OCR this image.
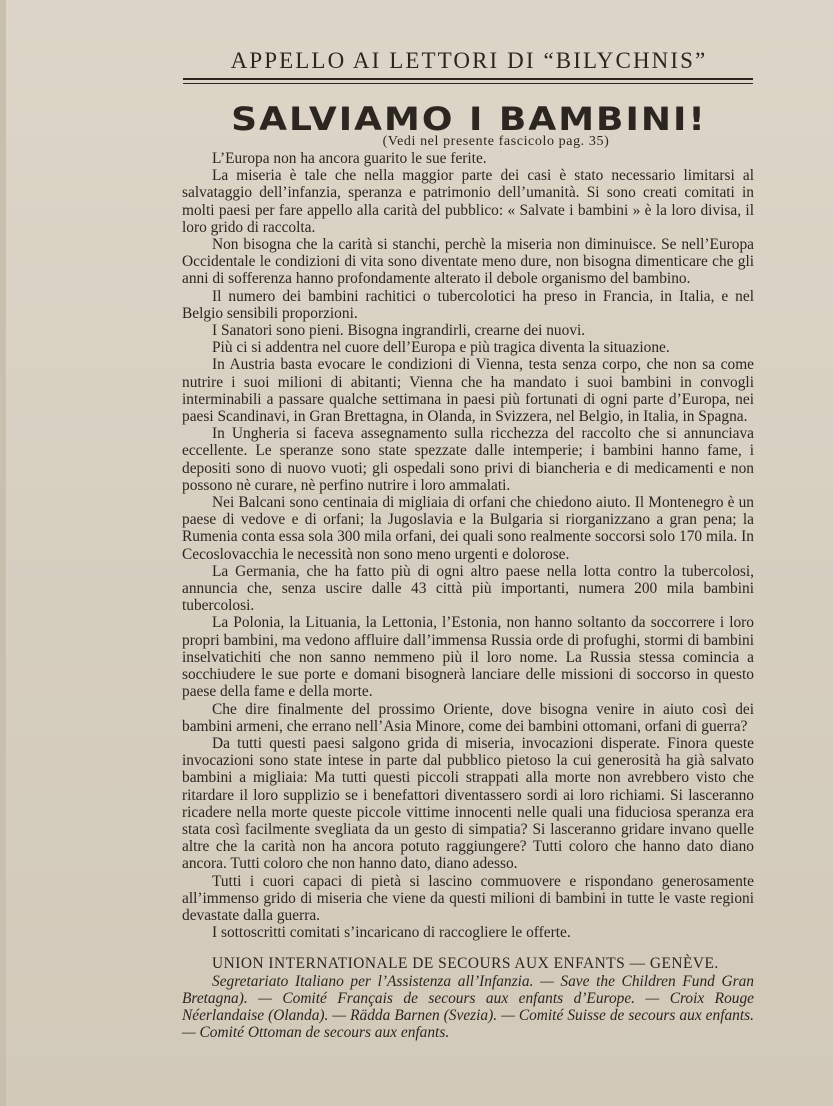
APPELLO AI LETTORI DI “BILYCHNIS”
SALVIAMO I BAMBINI!
(Vedi nel presente fascicolo pag. 35)

L’Europa non ha ancora guarito le sue ferite.

La miseria è tale che nella maggior parte dei casi è stato necessario limitarsi al salvataggio dell’infanzia, speranza e patrimonio dell’umanità. Si sono creati comitati in molti paesi per fare appello alla carità del pubblico: « Salvate i bambini » è la loro divisa, il loro grido di raccolta.

Non bisogna che la carità si stanchi, perchè la miseria non diminuisce. Se nell’Europa Occidentale le condizioni di vita sono diventate meno dure, non bisogna dimenticare che gli anni di sofferenza hanno profondamente alterato il debole organismo del bambino.

Il numero dei bambini rachitici o tubercolotici ha preso in Francia, in Italia, e nel Belgio sensibili proporzioni.

I Sanatori sono pieni. Bisogna ingrandirli, crearne dei nuovi.

Più ci si addentra nel cuore dell’Europa e più tragica diventa la situazione.

In Austria basta evocare le condizioni di Vienna, testa senza corpo, che non sa come nutrire i suoi milioni di abitanti; Vienna che ha mandato i suoi bambini in convogli interminabili a passare qualche settimana in paesi più fortunati di ogni parte d’Europa, nei paesi Scandinavi, in Gran Brettagna, in Olanda, in Svizzera, nel Belgio, in Italia, in Spagna.

In Ungheria si faceva assegnamento sulla ricchezza del raccolto che si annunciava eccellente. Le speranze sono state spezzate dalle intemperie; i bambini hanno fame, i depositi sono di nuovo vuoti; gli ospedali sono privi di biancheria e di medicamenti e non possono nè curare, nè perfino nutrire i loro ammalati.

Nei Balcani sono centinaia di migliaia di orfani che chiedono aiuto. Il Montenegro è un paese di vedove e di orfani; la Jugoslavia e la Bulgaria si riorganizzano a gran pena; la Rumenia conta essa sola 300 mila orfani, dei quali sono realmente soccorsi solo 170 mila. In Cecoslovacchia le necessità non sono meno urgenti e dolorose.

La Germania, che ha fatto più di ogni altro paese nella lotta contro la tubercolosi, annuncia che, senza uscire dalle 43 città più importanti, numera 200 mila bambini tubercolosi.

La Polonia, la Lituania, la Lettonia, l’Estonia, non hanno soltanto da soccorrere i loro propri bambini, ma vedono affluire dall’immensa Russia orde di profughi, stormi di bambini inselvatichiti che non sanno nemmeno più il loro nome. La Russia stessa comincia a socchiudere le sue porte e domani bisognerà lanciare delle missioni di soccorso in questo paese della fame e della morte.

Che dire finalmente del prossimo Oriente, dove bisogna venire in aiuto così dei bambini armeni, che errano nell’Asia Minore, come dei bambini ottomani, orfani di guerra?

Da tutti questi paesi salgono grida di miseria, invocazioni disperate. Finora queste invocazioni sono state intese in parte dal pubblico pietoso la cui generosità ha già salvato bambini a migliaia: Ma tutti questi piccoli strappati alla morte non avrebbero visto che ritardare il loro supplizio se i benefattori diventassero sordi ai loro richiami. Si lasceranno ricadere nella morte queste piccole vittime innocenti nelle quali una fiduciosa speranza era stata così facilmente svegliata da un gesto di simpatia? Si lasceranno gridare invano quelle altre che la carità non ha ancora potuto raggiungere? Tutti coloro che hanno dato diano ancora. Tutti coloro che non hanno dato, diano adesso.

Tutti i cuori capaci di pietà si lascino commuovere e rispondano generosamente all’immenso grido di miseria che viene da questi milioni di bambini in tutte le vaste regioni devastate dalla guerra.

I sottoscritti comitati s’incaricano di raccogliere le offerte.

UNION INTERNATIONALE DE SECOURS AUX ENFANTS — GENÈVE.

Segretariato Italiano per l’Assistenza all’Infanzia. — Save the Children Fund Gran Bretagna). — Comité Français de secours aux enfants d’Europe. — Croix Rouge Néerlandaise (Olanda). — Rädda Barnen (Svezia). — Comité Suisse de secours aux enfants. — Comité Ottoman de secours aux enfants.
